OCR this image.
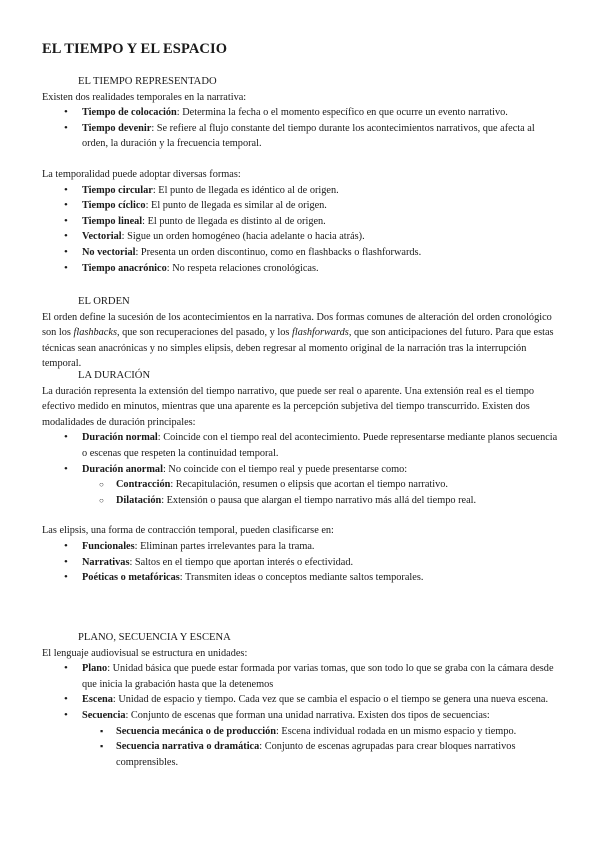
EL TIEMPO Y EL ESPACIO

EL TIEMPO REPRESENTADO

Existen dos realidades temporales en la narrativa:

• Tiempo de colocación: Determina la fecha o el momento específico en que ocurre un evento narrativo.
• Tiempo devenir: Se refiere al flujo constante del tiempo durante los acontecimientos narrativos, que afecta al orden, la duración y la frecuencia temporal.

La temporalidad puede adoptar diversas formas:

• Tiempo circular: El punto de llegada es idéntico al de origen.
• Tiempo cíclico: El punto de llegada es similar al de origen.
• Tiempo lineal: El punto de llegada es distinto al de origen.
• Vectorial: Sigue un orden homogéneo (hacia adelante o hacia atrás).
• No vectorial: Presenta un orden discontinuo, como en flashbacks o flashforwards.
• Tiempo anacrónico: No respeta relaciones cronológicas.

EL ORDEN

El orden define la sucesión de los acontecimientos en la narrativa. Dos formas comunes de alteración del orden cronológico son los flashbacks, que son recuperaciones del pasado, y los flashforwards, que son anticipaciones del futuro. Para que estas técnicas sean anacrónicas y no simples elipsis, deben regresar al momento original de la narración tras la interrupción temporal.

LA DURACIÓN

La duración representa la extensión del tiempo narrativo, que puede ser real o aparente. Una extensión real es el tiempo efectivo medido en minutos, mientras que una aparente es la percepción subjetiva del tiempo transcurrido. Existen dos modalidades de duración principales:

• Duración normal: Coincide con el tiempo real del acontecimiento. Puede representarse mediante planos secuencia o escenas que respeten la continuidad temporal.
• Duración anormal: No coincide con el tiempo real y puede presentarse como:
○ Contracción: Recapitulación, resumen o elipsis que acortan el tiempo narrativo.
○ Dilatación: Extensión o pausa que alargan el tiempo narrativo más allá del tiempo real.

Las elipsis, una forma de contracción temporal, pueden clasificarse en:

• Funcionales: Eliminan partes irrelevantes para la trama.
• Narrativas: Saltos en el tiempo que aportan interés o efectividad.
• Poéticas o metafóricas: Transmiten ideas o conceptos mediante saltos temporales.

PLANO, SECUENCIA Y ESCENA

El lenguaje audiovisual se estructura en unidades:

• Plano: Unidad básica que puede estar formada por varias tomas, que son todo lo que se graba con la cámara desde que inicia la grabación hasta que la detenemos
• Escena: Unidad de espacio y tiempo. Cada vez que se cambia el espacio o el tiempo se genera una nueva escena.
• Secuencia: Conjunto de escenas que forman una unidad narrativa. Existen dos tipos de secuencias:
▪ Secuencia mecánica o de producción: Escena individual rodada en un mismo espacio y tiempo.
▪ Secuencia narrativa o dramática: Conjunto de escenas agrupadas para crear bloques narrativos comprensibles.
